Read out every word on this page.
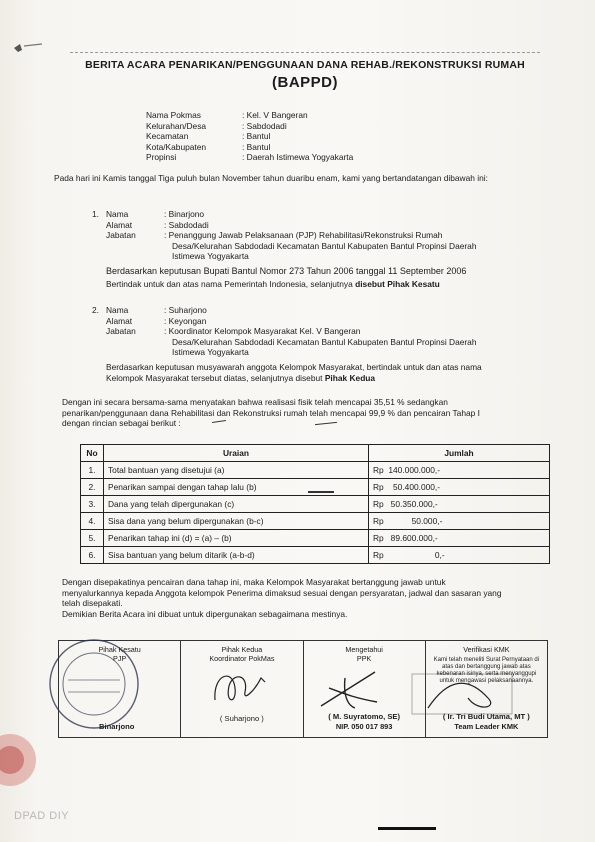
BERITA ACARA PENARIKAN/PENGGUNAAN DANA REHAB./REKONSTRUKSI RUMAH
(BAPPD)
Nama Pokmas	: Kel. V Bangeran
Kelurahan/Desa	: Sabdodadi
Kecamatan	: Bantul
Kota/Kabupaten	: Bantul
Propinsi	: Daerah Istimewa Yogyakarta
Pada hari ini Kamis tanggal Tiga puluh bulan November tahun duaribu enam, kami yang bertandatangan dibawah ini:
1. Nama	: Binarjono
Alamat	: Sabdodadi
Jabatan	: Penanggung Jawab Pelaksanaan (PJP) Rehabilitasi/Rekonstruksi Rumah
Desa/Kelurahan Sabdodadi Kecamatan Bantul Kabupaten Bantul Propinsi Daerah
Istimewa Yogyakarta
Berdasarkan keputusan Bupati Bantul Nomor 273 Tahun 2006 tanggal 11 September 2006
Bertindak untuk dan atas nama Pemerintah Indonesia, selanjutnya disebut Pihak Kesatu
2. Nama	: Suharjono
Alamat	: Keyongan
Jabatan	: Koordinator Kelompok Masyarakat Kel. V Bangeran
Desa/Kelurahan Sabdodadi Kecamatan Bantul Kabupaten Bantul Propinsi Daerah
Istimewa Yogyakarta
Berdasarkan keputusan musyawarah anggota Kelompok Masyarakat, bertindak untuk dan atas nama
Kelompok Masyarakat tersebut diatas, selanjutnya disebut Pihak Kedua
Dengan ini secara bersama-sama menyatakan bahwa realisasi fisik telah mencapai 35,51 % sedangkan
penarikan/penggunaan dana Rehabilitasi dan Rekonstruksi rumah telah mencapai 99,9 % dan pencairan Tahap I
dengan rincian sebagai berikut :
No	Uraian	Jumlah
1.	Total bantuan yang disetujui (a)	Rp  140.000.000,-
2.	Penarikan sampai dengan tahap lalu (b)	Rp    50.400.000,-
3.	Dana yang telah dipergunakan (c)	Rp   50.350.000,-
4.	Sisa dana yang belum dipergunakan (b-c)	Rp            50.000,-
5.	Penarikan tahap ini (d) = (a) – (b)	Rp   89.600.000,-
6.	Sisa bantuan yang belum ditarik (a-b-d)	Rp                      0,-
Dengan disepakatinya pencairan dana tahap ini, maka Kelompok Masyarakat bertanggung jawab untuk
menyalurkannya kepada Anggota kelompok Penerima dimaksud sesuai dengan persyaratan, jadwal dan sasaran yang
telah disepakati.
Demikian Berita Acara ini dibuat untuk dipergunakan sebagaimana mestinya.
Pihak Kesatu
PJP
Binarjono
Pihak Kedua
Koordinator PokMas
( Suharjono )
Mengetahui
PPK
( M. Suyratomo, SE)
NIP. 050 017 893
Verifikasi KMK
Kami telah meneliti Surat Pernyataan di atas dan bertanggung jawab atas kebenaran isinya, serta menyanggupi untuk mengawasi pelaksanaannya.
( Ir. Tri Budi Utama, MT )
Team Leader KMK
DPAD DIY
